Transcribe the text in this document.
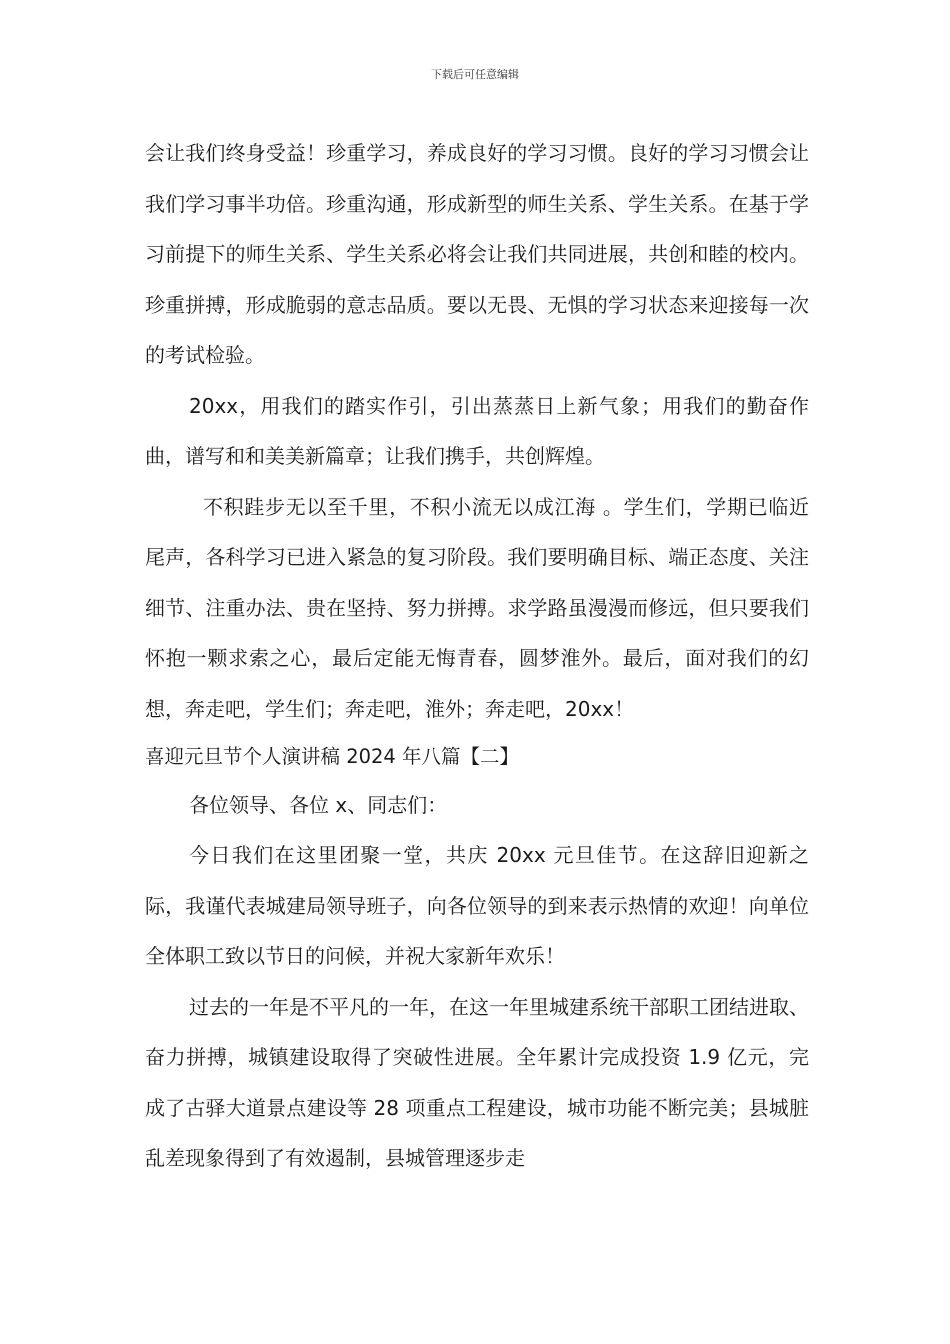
下载后可任意编辑

会让我们终身受益！珍重学习，养成良好的学习习惯。良好的学习习惯会让我们学习事半功倍。珍重沟通，形成新型的师生关系、学生关系。在基于学习前提下的师生关系、学生关系必将会让我们共同进展，共创和睦的校内。珍重拼搏，形成脆弱的意志品质。要以无畏、无惧的学习状态来迎接每一次的考试检验。

20xx，用我们的踏实作引，引出蒸蒸日上新气象；用我们的勤奋作曲，谱写和和美美新篇章；让我们携手，共创辉煌。

不积跬步无以至千里，不积小流无以成江海 。学生们，学期已临近尾声，各科学习已进入紧急的复习阶段。我们要明确目标、端正态度、关注细节、注重办法、贵在坚持、努力拼搏。求学路虽漫漫而修远，但只要我们怀抱一颗求索之心，最后定能无悔青春，圆梦淮外。最后，面对我们的幻想，奔走吧，学生们；奔走吧，淮外；奔走吧，20xx！

喜迎元旦节个人演讲稿 2024 年八篇【二】

各位领导、各位 x、同志们：

今日我们在这里团聚一堂，共庆 20xx 元旦佳节。在这辞旧迎新之际，我谨代表城建局领导班子，向各位领导的到来表示热情的欢迎！向单位全体职工致以节日的问候，并祝大家新年欢乐！

过去的一年是不平凡的一年，在这一年里城建系统干部职工团结进取、奋力拼搏，城镇建设取得了突破性进展。全年累计完成投资 1.9 亿元，完成了古驿大道景点建设等 28 项重点工程建设，城市功能不断完美；县城脏乱差现象得到了有效遏制，县城管理逐步走
